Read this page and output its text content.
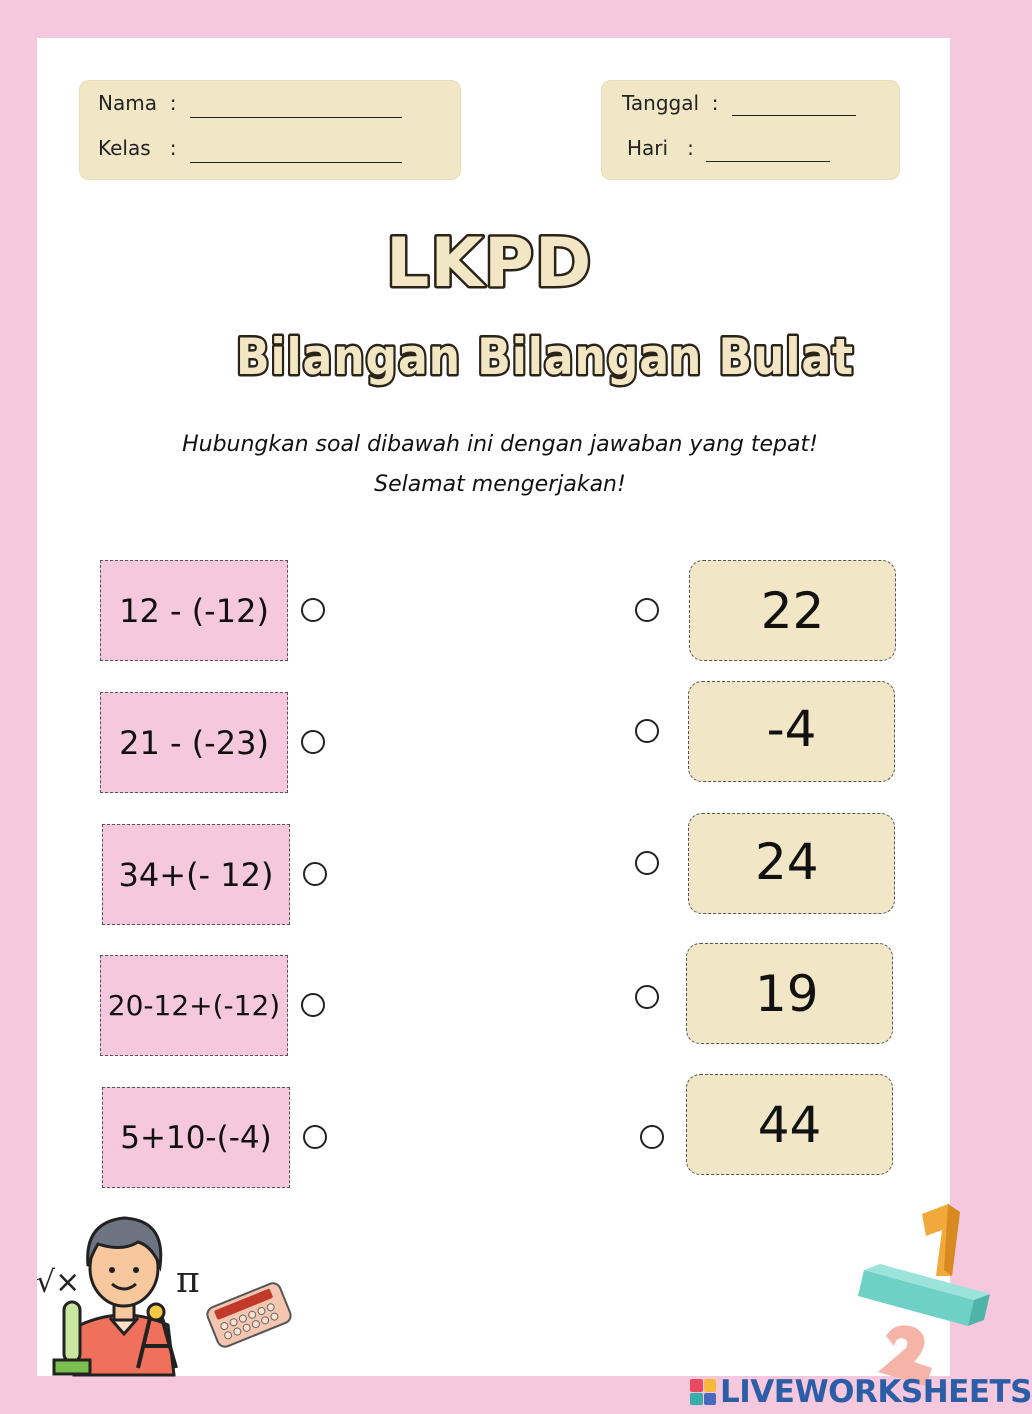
Nama :
Kelas :
Tanggal :
Hari :
LKPD
Bilangan Bilangan Bulat
Hubungkan soal dibawah ini dengan jawaban yang tepat!
Selamat mengerjakan!
12 - (-12)
21 - (-23)
34+(- 12)
20-12+(-12)
5+10-(-4)
22
-4
24
19
44
√×	π
LIVEWORKSHEETS
